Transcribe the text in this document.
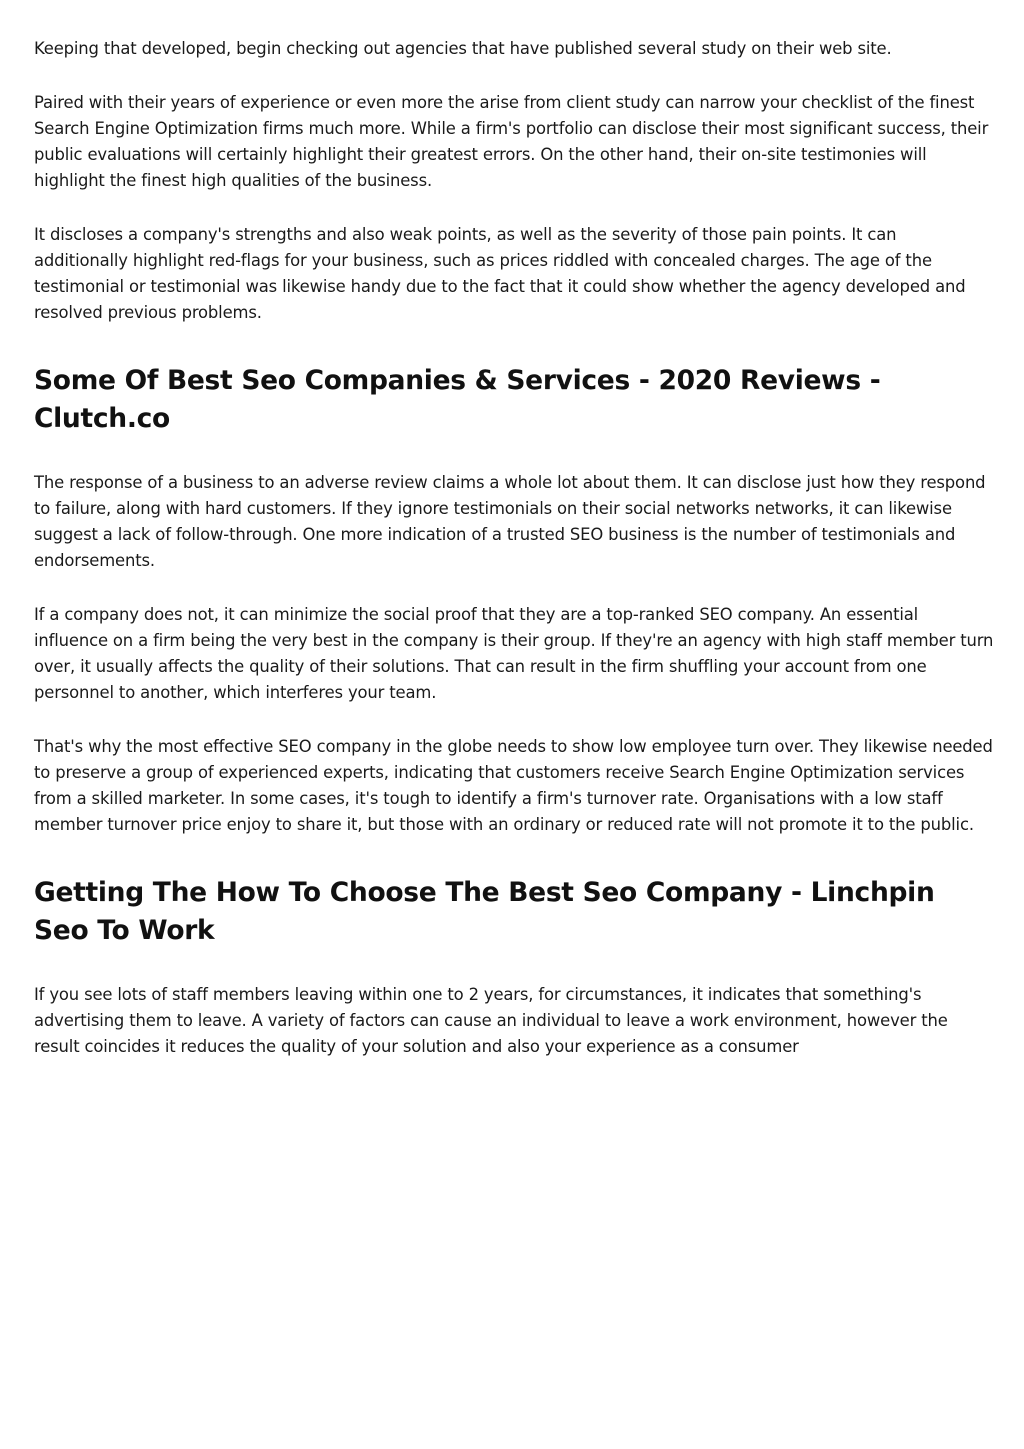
Keeping that developed, begin checking out agencies that have published several study on their web site.

Paired with their years of experience or even more the arise from client study can narrow your checklist of the finest Search Engine Optimization firms much more. While a firm's portfolio can disclose their most significant success, their public evaluations will certainly highlight their greatest errors. On the other hand, their on-site testimonies will highlight the finest high qualities of the business.

It discloses a company's strengths and also weak points, as well as the severity of those pain points. It can additionally highlight red-flags for your business, such as prices riddled with concealed charges. The age of the testimonial or testimonial was likewise handy due to the fact that it could show whether the agency developed and resolved previous problems.

Some Of Best Seo Companies & Services - 2020 Reviews - Clutch.co

The response of a business to an adverse review claims a whole lot about them. It can disclose just how they respond to failure, along with hard customers. If they ignore testimonials on their social networks networks, it can likewise suggest a lack of follow-through. One more indication of a trusted SEO business is the number of testimonials and endorsements.

If a company does not, it can minimize the social proof that they are a top-ranked SEO company. An essential influence on a firm being the very best in the company is their group. If they're an agency with high staff member turn over, it usually affects the quality of their solutions. That can result in the firm shuffling your account from one personnel to another, which interferes your team.

That's why the most effective SEO company in the globe needs to show low employee turn over. They likewise needed to preserve a group of experienced experts, indicating that customers receive Search Engine Optimization services from a skilled marketer. In some cases, it's tough to identify a firm's turnover rate. Organisations with a low staff member turnover price enjoy to share it, but those with an ordinary or reduced rate will not promote it to the public.

Getting The How To Choose The Best Seo Company - Linchpin Seo To Work

If you see lots of staff members leaving within one to 2 years, for circumstances, it indicates that something's advertising them to leave. A variety of factors can cause an individual to leave a work environment, however the result coincides it reduces the quality of your solution and also your experience as a consumer
